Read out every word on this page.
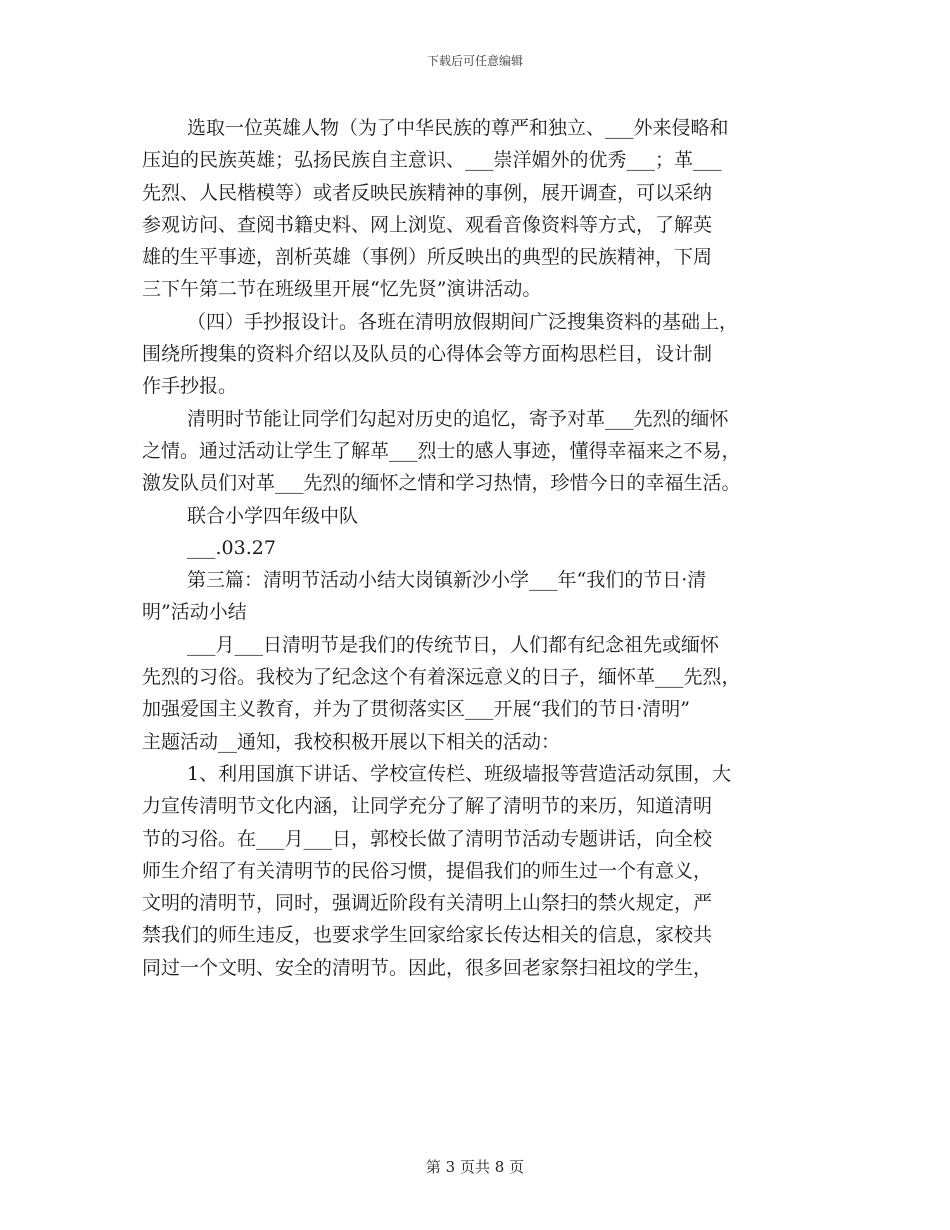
下载后可任意编辑
选取一位英雄人物（为了中华民族的尊严和独立、___外来侵略和
压迫的民族英雄；弘扬民族自主意识、___崇洋媚外的优秀___；革___
先烈、人民楷模等）或者反映民族精神的事例，展开调查，可以采纳
参观访问、查阅书籍史料、网上浏览、观看音像资料等方式，了解英
雄的生平事迹，剖析英雄（事例）所反映出的典型的民族精神，下周
三下午第二节在班级里开展“忆先贤”演讲活动。
（四）手抄报设计。各班在清明放假期间广泛搜集资料的基础上，
围绕所搜集的资料介绍以及队员的心得体会等方面构思栏目，设计制
作手抄报。
清明时节能让同学们勾起对历史的追忆，寄予对革___先烈的缅怀
之情。通过活动让学生了解革___烈士的感人事迹，懂得幸福来之不易，
激发队员们对革___先烈的缅怀之情和学习热情，珍惜今日的幸福生活。
联合小学四年级中队
___.03.27
第三篇：清明节活动小结大岗镇新沙小学___年“我们的节日·清
明”活动小结
___月___日清明节是我们的传统节日，人们都有纪念祖先或缅怀
先烈的习俗。我校为了纪念这个有着深远意义的日子，缅怀革___先烈，
加强爱国主义教育，并为了贯彻落实区___开展“我们的节日·清明”
主题活动__通知，我校积极开展以下相关的活动：
1、利用国旗下讲话、学校宣传栏、班级墙报等营造活动氛围，大
力宣传清明节文化内涵，让同学充分了解了清明节的来历，知道清明
节的习俗。在___月___日，郭校长做了清明节活动专题讲话，向全校
师生介绍了有关清明节的民俗习惯，提倡我们的师生过一个有意义，
文明的清明节，同时，强调近阶段有关清明上山祭扫的禁火规定，严
禁我们的师生违反，也要求学生回家给家长传达相关的信息，家校共
同过一个文明、安全的清明节。因此，很多回老家祭扫祖坟的学生，
第 3 页共 8 页
